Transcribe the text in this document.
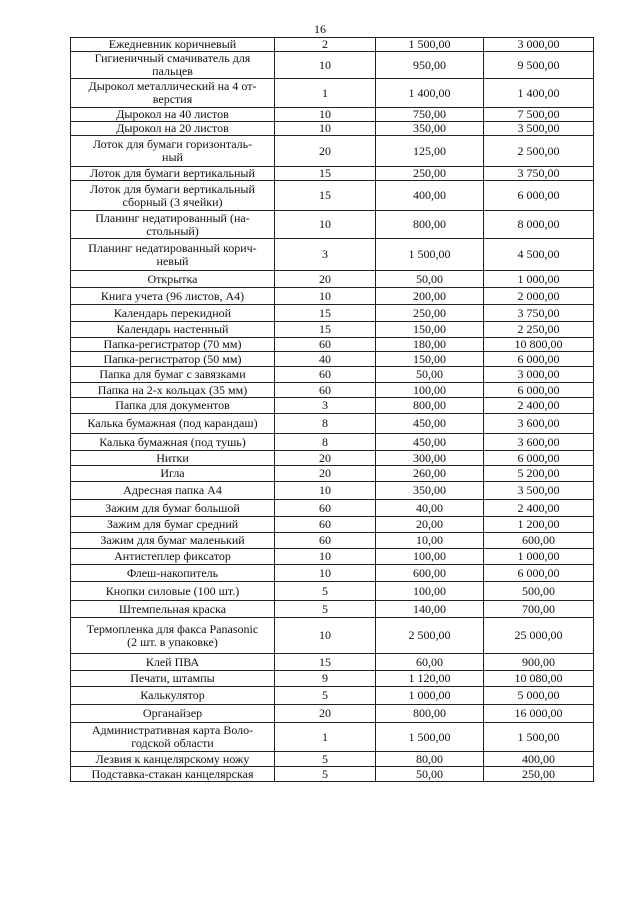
16
Ежедневник коричневый	2	1 500,00	3 000,00
Гигиеничный смачиватель для
пальцев	10	950,00	9 500,00
Дырокол металлический на 4 от-
верстия	1	1 400,00	1 400,00
Дырокол на 40 листов	10	750,00	7 500,00
Дырокол на 20 листов	10	350,00	3 500,00
Лоток для бумаги горизонталь-
ный	20	125,00	2 500,00
Лоток для бумаги вертикальный	15	250,00	3 750,00
Лоток для бумаги вертикальный
сборный (3 ячейки)	15	400,00	6 000,00
Планинг недатированный (на-
стольный)	10	800,00	8 000,00
Планинг недатированный корич-
невый	3	1 500,00	4 500,00
Открытка	20	50,00	1 000,00
Книга учета (96 листов, А4)	10	200,00	2 000,00
Календарь перекидной	15	250,00	3 750,00
Календарь настенный	15	150,00	2 250,00
Папка-регистратор (70 мм)	60	180,00	10 800,00
Папка-регистратор (50 мм)	40	150,00	6 000,00
Папка для бумаг с завязками	60	50,00	3 000,00
Папка на 2-х кольцах (35 мм)	60	100,00	6 000,00
Папка для документов	3	800,00	2 400,00
Калька бумажная (под карандаш)	8	450,00	3 600,00
Калька бумажная (под тушь)	8	450,00	3 600,00
Нитки	20	300,00	6 000,00
Игла	20	260,00	5 200,00
Адресная папка А4	10	350,00	3 500,00
Зажим для бумаг большой	60	40,00	2 400,00
Зажим для бумаг средний	60	20,00	1 200,00
Зажим для бумаг маленький	60	10,00	600,00
Антистеплер фиксатор	10	100,00	1 000,00
Флеш-накопитель	10	600,00	6 000,00
Кнопки силовые (100 шт.)	5	100,00	500,00
Штемпельная краска	5	140,00	700,00
Термопленка для факса Panasonic
(2 шт. в упаковке)	10	2 500,00	25 000,00
Клей ПВА	15	60,00	900,00
Печати, штампы	9	1 120,00	10 080,00
Калькулятор	5	1 000,00	5 000,00
Органайзер	20	800,00	16 000,00
Административная карта Воло-
годской области	1	1 500,00	1 500,00
Лезвия к канцелярскому ножу	5	80,00	400,00
Подставка-стакан канцелярская	5	50,00	250,00
